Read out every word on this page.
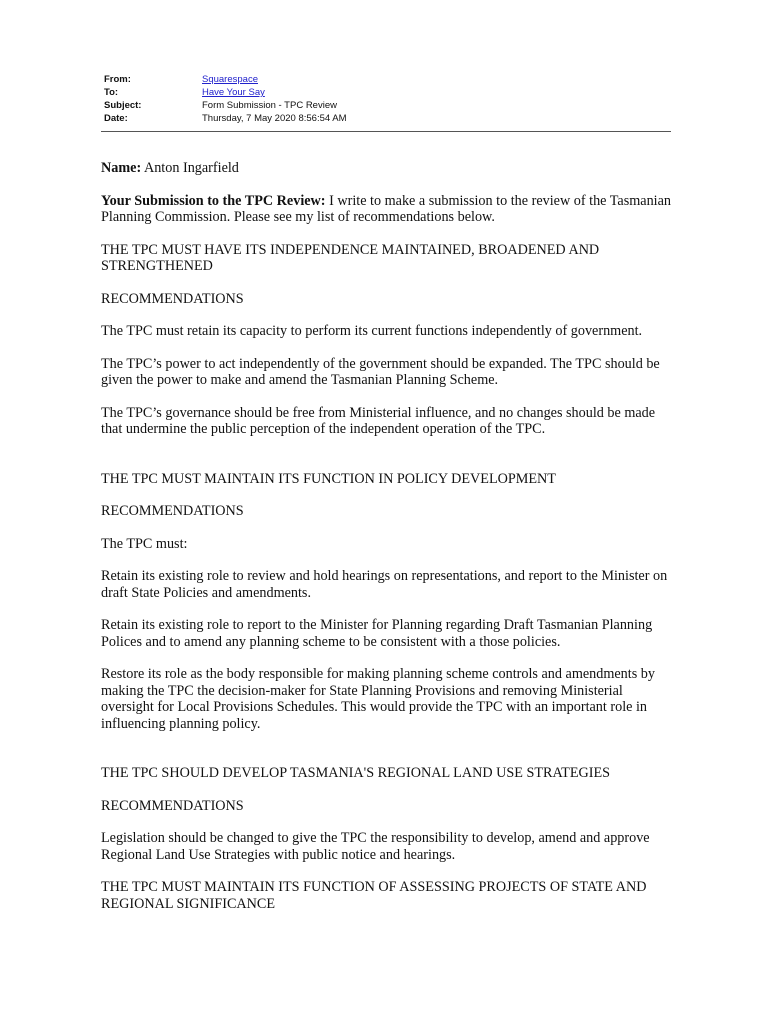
From:	Squarespace
To:	Have Your Say
Subject:	Form Submission - TPC Review
Date:	Thursday, 7 May 2020 8:56:54 AM

Name: Anton Ingarfield

Your Submission to the TPC Review: I write to make a submission to the review of the Tasmanian Planning Commission. Please see my list of recommendations below.

THE TPC MUST HAVE ITS INDEPENDENCE MAINTAINED, BROADENED AND STRENGTHENED

RECOMMENDATIONS

The TPC must retain its capacity to perform its current functions independently of government.

The TPC’s power to act independently of the government should be expanded. The TPC should be given the power to make and amend the Tasmanian Planning Scheme.

The TPC’s governance should be free from Ministerial influence, and no changes should be made that undermine the public perception of the independent operation of the TPC.

THE TPC MUST MAINTAIN ITS FUNCTION IN POLICY DEVELOPMENT

RECOMMENDATIONS

The TPC must:

Retain its existing role to review and hold hearings on representations, and report to the Minister on draft State Policies and amendments.

Retain its existing role to report to the Minister for Planning regarding Draft Tasmanian Planning Polices and to amend any planning scheme to be consistent with a those policies.

Restore its role as the body responsible for making planning scheme controls and amendments by making the TPC the decision-maker for State Planning Provisions and removing Ministerial oversight for Local Provisions Schedules. This would provide the TPC with an important role in influencing planning policy.

THE TPC SHOULD DEVELOP TASMANIA'S REGIONAL LAND USE STRATEGIES

RECOMMENDATIONS

Legislation should be changed to give the TPC the responsibility to develop, amend and approve Regional Land Use Strategies with public notice and hearings.

THE TPC MUST MAINTAIN ITS FUNCTION OF ASSESSING PROJECTS OF STATE AND REGIONAL SIGNIFICANCE
